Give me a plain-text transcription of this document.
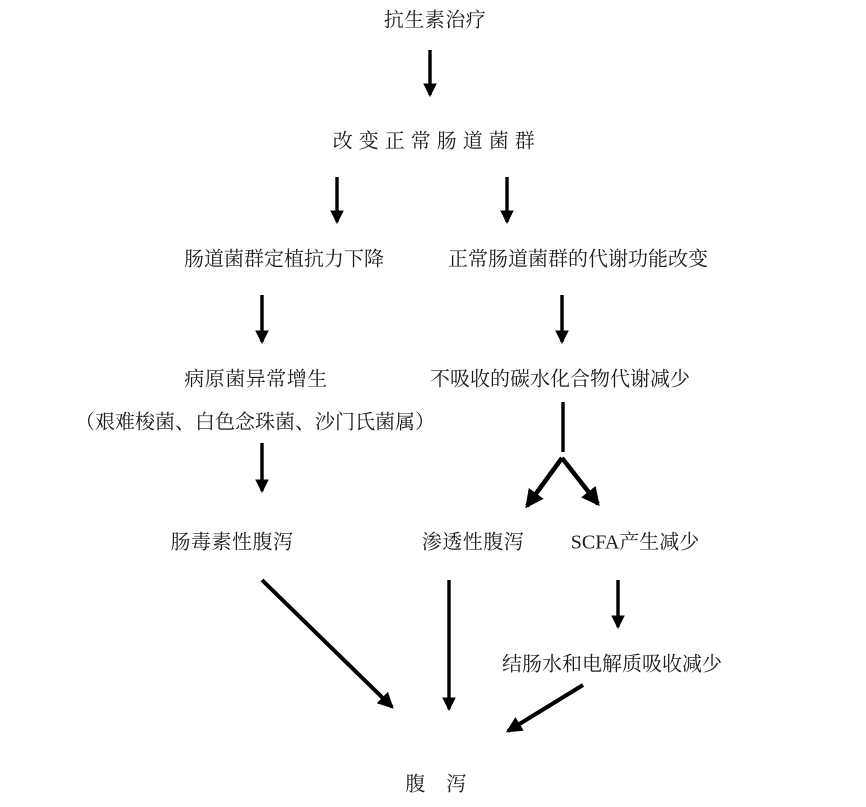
抗生素治疗
改 变 正 常 肠 道 菌 群
肠道菌群定植抗力下降	正常肠道菌群的代谢功能改变
病原菌异常增生
（艰难梭菌、白色念珠菌、沙门氏菌属）
不吸收的碳水化合物代谢减少
肠毒素性腹泻	渗透性腹泻 SCFA产生减少
结肠水和电解质吸收减少
腹　泻
